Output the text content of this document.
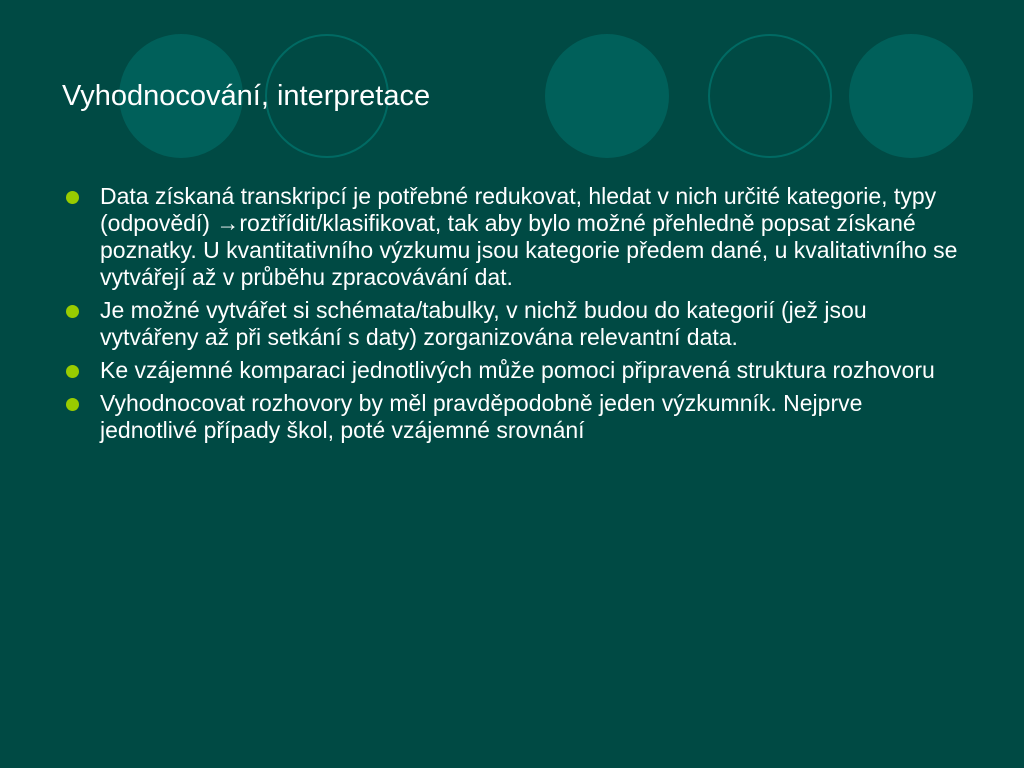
Vyhodnocování, interpretace
Data získaná transkripcí je potřebné redukovat, hledat v nich určité kategorie, typy (odpovědí) →roztřídit/klasifikovat, tak aby bylo možné přehledně popsat získané poznatky. U kvantitativního výzkumu jsou kategorie předem dané, u kvalitativního se vytvářejí až v průběhu zpracovávání dat.
Je možné vytvářet si schémata/tabulky, v nichž budou do kategorií (jež jsou vytvářeny až při setkání s daty) zorganizována relevantní data.
Ke vzájemné komparaci jednotlivých může pomoci připravená struktura rozhovoru
Vyhodnocovat rozhovory by měl pravděpodobně jeden výzkumník. Nejprve jednotlivé případy škol, poté vzájemné srovnání
